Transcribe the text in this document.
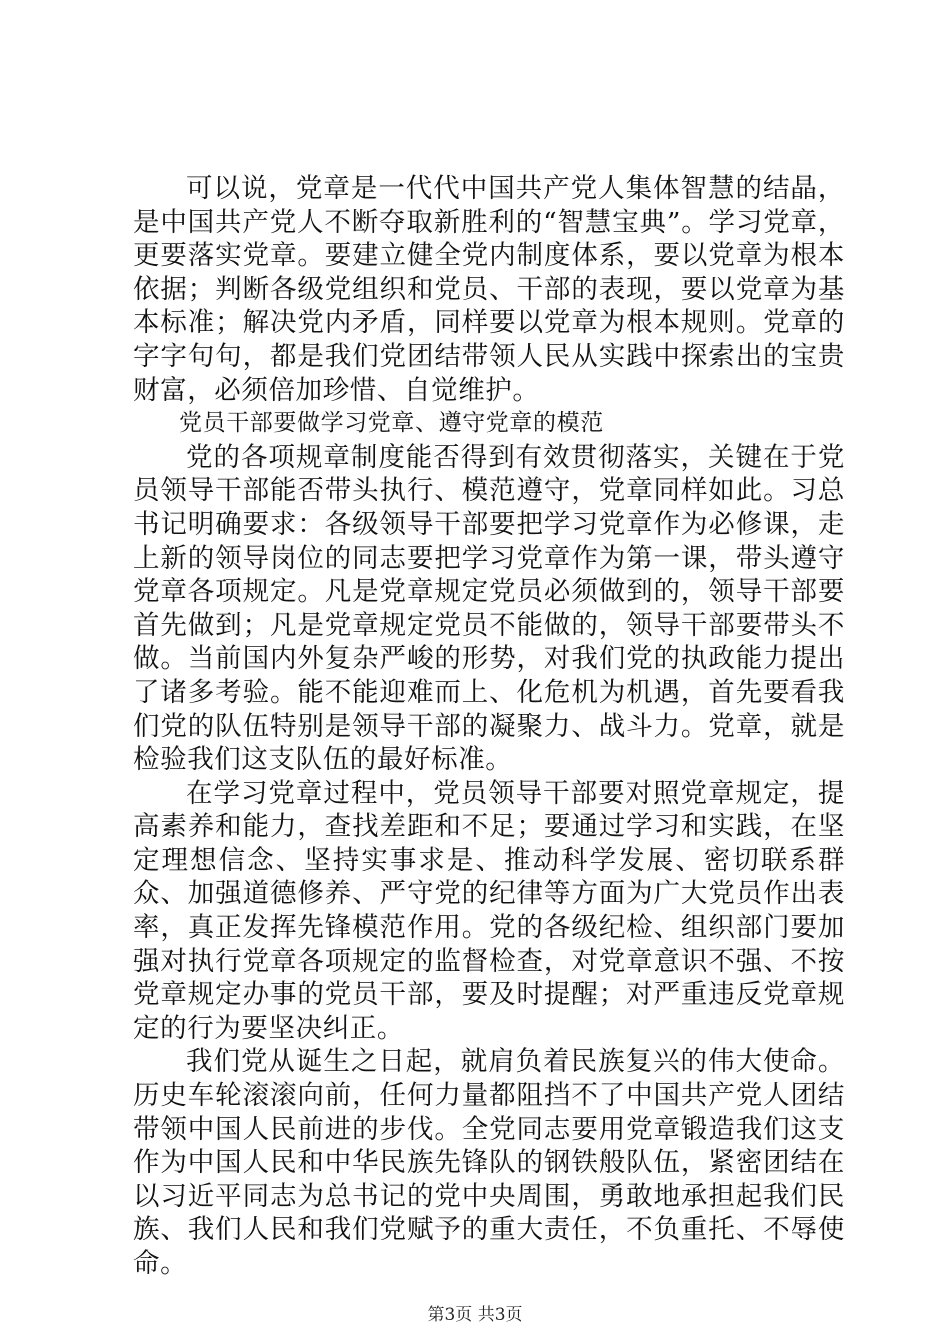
可以说，党章是一代代中国共产党人集体智慧的结晶，是中国共产党人不断夺取新胜利的“智慧宝典”。学习党章，更要落实党章。要建立健全党内制度体系，要以党章为根本依据；判断各级党组织和党员、干部的表现，要以党章为基本标准；解决党内矛盾，同样要以党章为根本规则。党章的字字句句，都是我们党团结带领人民从实践中探索出的宝贵财富，必须倍加珍惜、自觉维护。

党员干部要做学习党章、遵守党章的模范

党的各项规章制度能否得到有效贯彻落实，关键在于党员领导干部能否带头执行、模范遵守，党章同样如此。习总书记明确要求：各级领导干部要把学习党章作为必修课，走上新的领导岗位的同志要把学习党章作为第一课，带头遵守党章各项规定。凡是党章规定党员必须做到的，领导干部要首先做到；凡是党章规定党员不能做的，领导干部要带头不做。当前国内外复杂严峻的形势，对我们党的执政能力提出了诸多考验。能不能迎难而上、化危机为机遇，首先要看我们党的队伍特别是领导干部的凝聚力、战斗力。党章，就是检验我们这支队伍的最好标准。

在学习党章过程中，党员领导干部要对照党章规定，提高素养和能力，查找差距和不足；要通过学习和实践，在坚定理想信念、坚持实事求是、推动科学发展、密切联系群众、加强道德修养、严守党的纪律等方面为广大党员作出表率，真正发挥先锋模范作用。党的各级纪检、组织部门要加强对执行党章各项规定的监督检查，对党章意识不强、不按党章规定办事的党员干部，要及时提醒；对严重违反党章规定的行为要坚决纠正。

我们党从诞生之日起，就肩负着民族复兴的伟大使命。历史车轮滚滚向前，任何力量都阻挡不了中国共产党人团结带领中国人民前进的步伐。全党同志要用党章锻造我们这支作为中国人民和中华民族先锋队的钢铁般队伍，紧密团结在以习近平同志为总书记的党中央周围，勇敢地承担起我们民族、我们人民和我们党赋予的重大责任，不负重托、不辱使命。

第3页 共3页
